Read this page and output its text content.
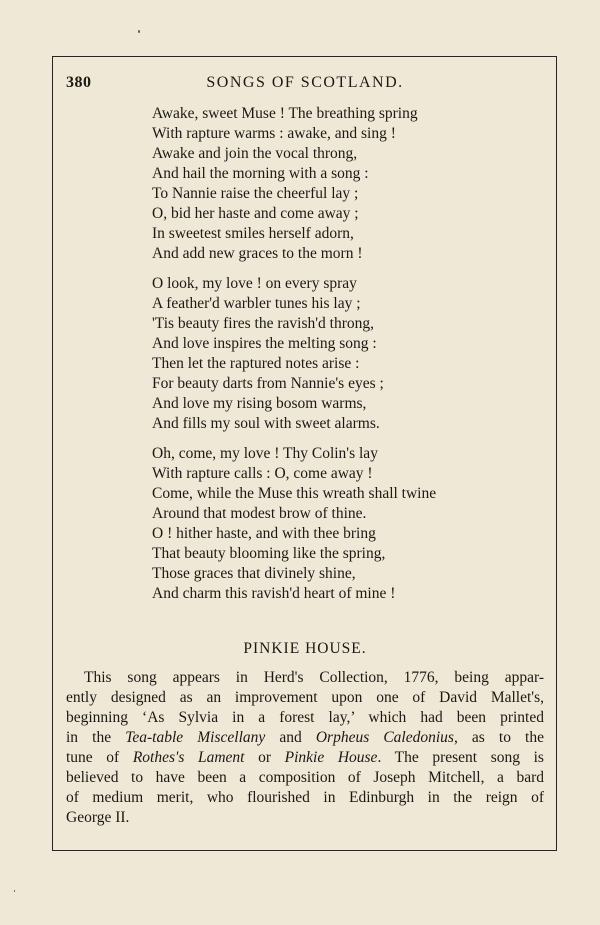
380	SONGS OF SCOTLAND.
Awake, sweet Muse ! The breathing spring
With rapture warms : awake, and sing !
Awake and join the vocal throng,
And hail the morning with a song :
To Nannie raise the cheerful lay ;
O, bid her haste and come away ;
In sweetest smiles herself adorn,
And add new graces to the morn !
O look, my love ! on every spray
A feather'd warbler tunes his lay ;
'Tis beauty fires the ravish'd throng,
And love inspires the melting song :
Then let the raptured notes arise :
For beauty darts from Nannie's eyes ;
And love my rising bosom warms,
And fills my soul with sweet alarms.
Oh, come, my love ! Thy Colin's lay
With rapture calls : O, come away !
Come, while the Muse this wreath shall twine
Around that modest brow of thine.
O ! hither haste, and with thee bring
That beauty blooming like the spring,
Those graces that divinely shine,
And charm this ravish'd heart of mine !
PINKIE HOUSE.
This song appears in Herd's Collection, 1776, being appar-
ently designed as an improvement upon one of David Mallet's,
beginning ‘As Sylvia in a forest lay,’ which had been printed
in the Tea-table Miscellany and Orpheus Caledonius, as to the
tune of Rothes's Lament or Pinkie House. The present song is
believed to have been a composition of Joseph Mitchell, a bard
of medium merit, who flourished in Edinburgh in the reign of
George II.
